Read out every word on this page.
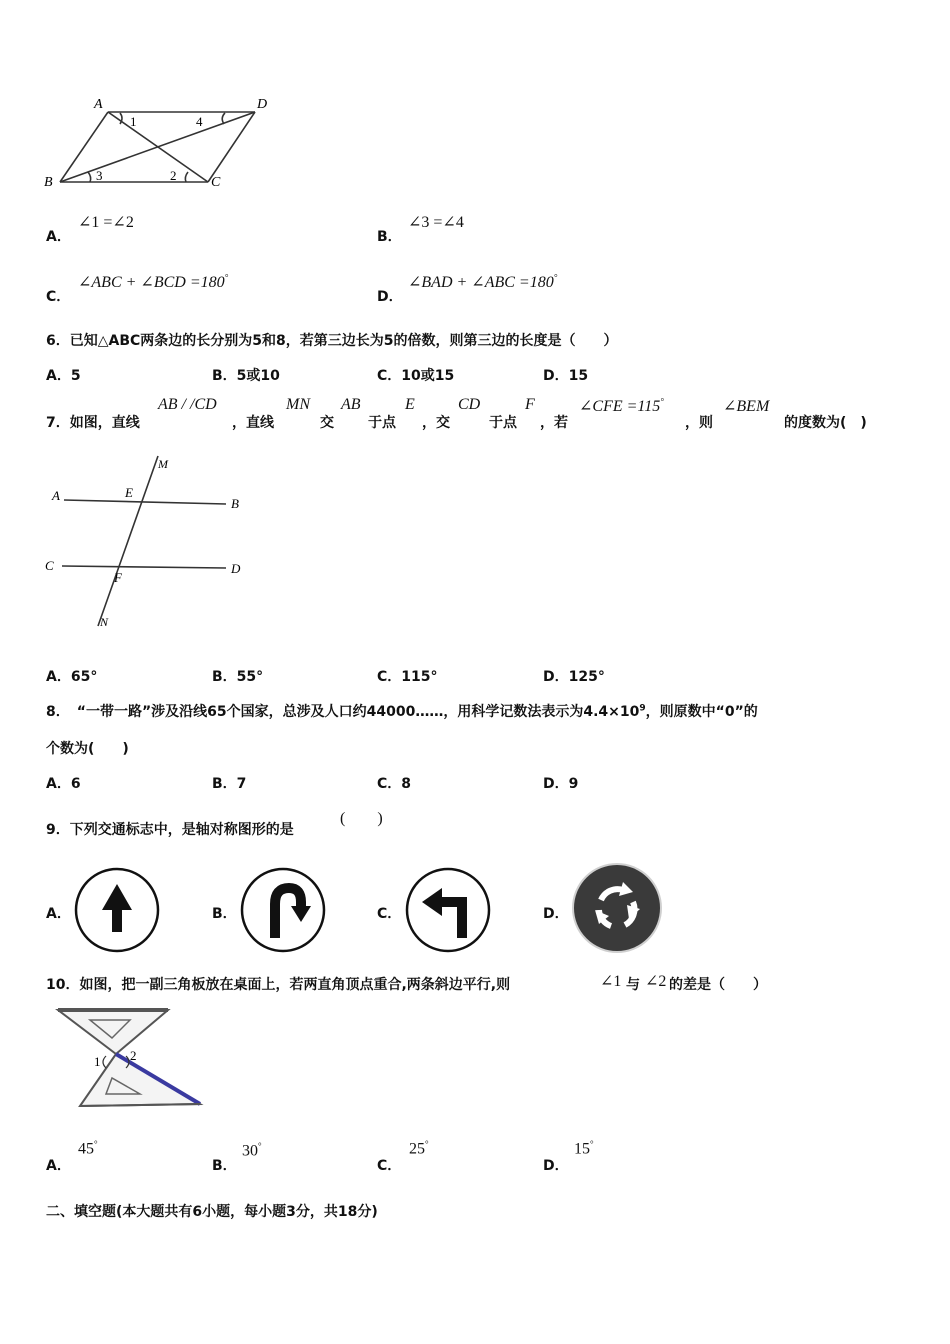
A	D
B	C
1	4
3	2
A．
∠1 =∠2
B．
∠3 =∠4
C．
∠ABC + ∠BCD =180°
D．
∠BAD + ∠ABC =180°
6．已知△ABC两条边的长分别为5和8，若第三边长为5的倍数，则第三边的长度是（　　）
A．5	B．5或10	C．10或15	D．15
7．如图，直线
AB / /CD
，直线
MN
交
AB
于点
E
，交
CD
于点
F
，若
∠CFE =115°
，则
∠BEM
的度数为(　)
M
A	E
B
C
F
D
N
A．65°	B．55°	C．115°	D．125°
8．　“一带一路”涉及沿线65个国家，总涉及人口约44000……，用科学记数法表示为$4.4\times 10^9$，则原数中“0”的
个数为(　　)
A．6	B．7	C．8	D．9
9．下列交通标志中，是轴对称图形的是
(　　)
A．	B．	C．	D．
10．如图，把一副三角板放在桌面上，若两直角顶点重合,两条斜边平行,则	∠1 与 ∠2 的差是（　　）
1 2
A．
45°
B．
30°
C．
25°
D．
15°
二、填空题(本大题共有6小题，每小题3分，共18分)
